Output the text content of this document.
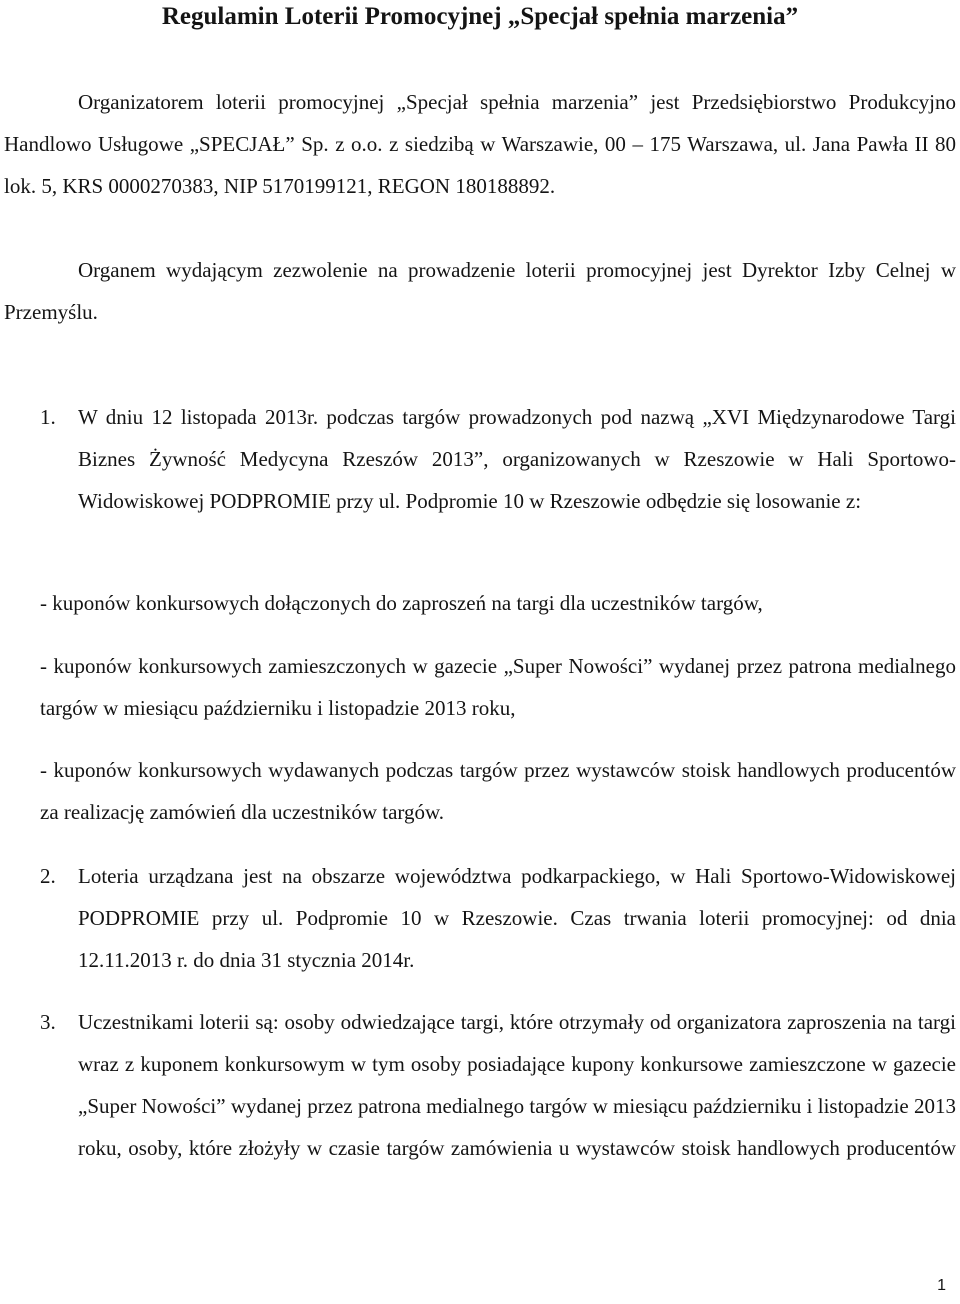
Regulamin Loterii Promocyjnej „Specjał spełnia marzenia”

Organizatorem loterii promocyjnej „Specjał spełnia marzenia” jest Przedsiębiorstwo Produkcyjno Handlowo Usługowe „SPECJAŁ” Sp. z o.o. z siedzibą w Warszawie, 00 – 175 Warszawa, ul. Jana Pawła II 80 lok. 5, KRS 0000270383, NIP 5170199121, REGON 180188892.

Organem wydającym zezwolenie na prowadzenie loterii promocyjnej jest Dyrektor Izby Celnej w Przemyślu.

1. W dniu 12 listopada 2013r. podczas targów prowadzonych pod nazwą „XVI Międzynarodowe Targi Biznes Żywność Medycyna Rzeszów 2013”, organizowanych w Rzeszowie w Hali Sportowo-Widowiskowej PODPROMIE przy ul. Podpromie 10 w Rzeszowie odbędzie się losowanie z:

- kuponów konkursowych dołączonych do zaproszeń na targi dla uczestników targów,

- kuponów konkursowych zamieszczonych w gazecie „Super Nowości” wydanej przez patrona medialnego targów w miesiącu październiku i listopadzie 2013 roku,

- kuponów konkursowych wydawanych podczas targów przez wystawców stoisk handlowych producentów za realizację zamówień dla uczestników targów.

2. Loteria urządzana jest na obszarze województwa podkarpackiego, w Hali Sportowo-Widowiskowej PODPROMIE przy ul. Podpromie 10 w Rzeszowie. Czas trwania loterii promocyjnej: od dnia 12.11.2013 r. do dnia 31 stycznia 2014r.

3. Uczestnikami loterii są: osoby odwiedzające targi, które otrzymały od organizatora zaproszenia na targi wraz z kuponem konkursowym w tym osoby posiadające kupony konkursowe zamieszczone w gazecie „Super Nowości” wydanej przez patrona medialnego targów w miesiącu październiku i listopadzie 2013 roku, osoby, które złożyły w czasie targów zamówienia u wystawców stoisk handlowych producentów

1
